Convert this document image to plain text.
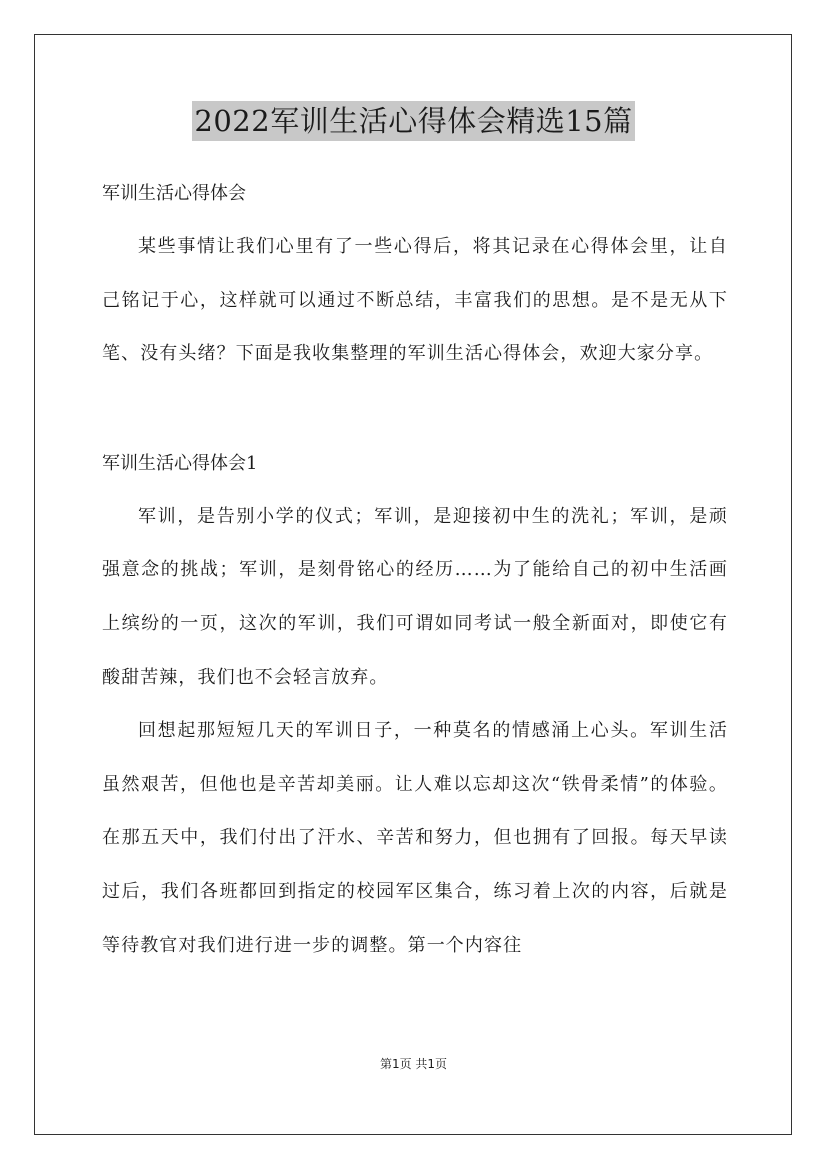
2022军训生活心得体会精选15篇

军训生活心得体会

某些事情让我们心里有了一些心得后，将其记录在心得体会里，让自己铭记于心，这样就可以通过不断总结，丰富我们的思想。是不是无从下笔、没有头绪？下面是我收集整理的军训生活心得体会，欢迎大家分享。

军训生活心得体会1

军训，是告别小学的仪式；军训，是迎接初中生的洗礼；军训，是顽强意念的挑战；军训，是刻骨铭心的经历……为了能给自己的初中生活画上缤纷的一页，这次的军训，我们可谓如同考试一般全新面对，即使它有酸甜苦辣，我们也不会轻言放弃。

回想起那短短几天的军训日子，一种莫名的情感涌上心头。军训生活虽然艰苦，但他也是辛苦却美丽。让人难以忘却这次“铁骨柔情”的体验。在那五天中，我们付出了汗水、辛苦和努力，但也拥有了回报。每天早读过后，我们各班都回到指定的校园军区集合，练习着上次的内容，后就是等待教官对我们进行进一步的调整。第一个内容往

第1页 共1页
